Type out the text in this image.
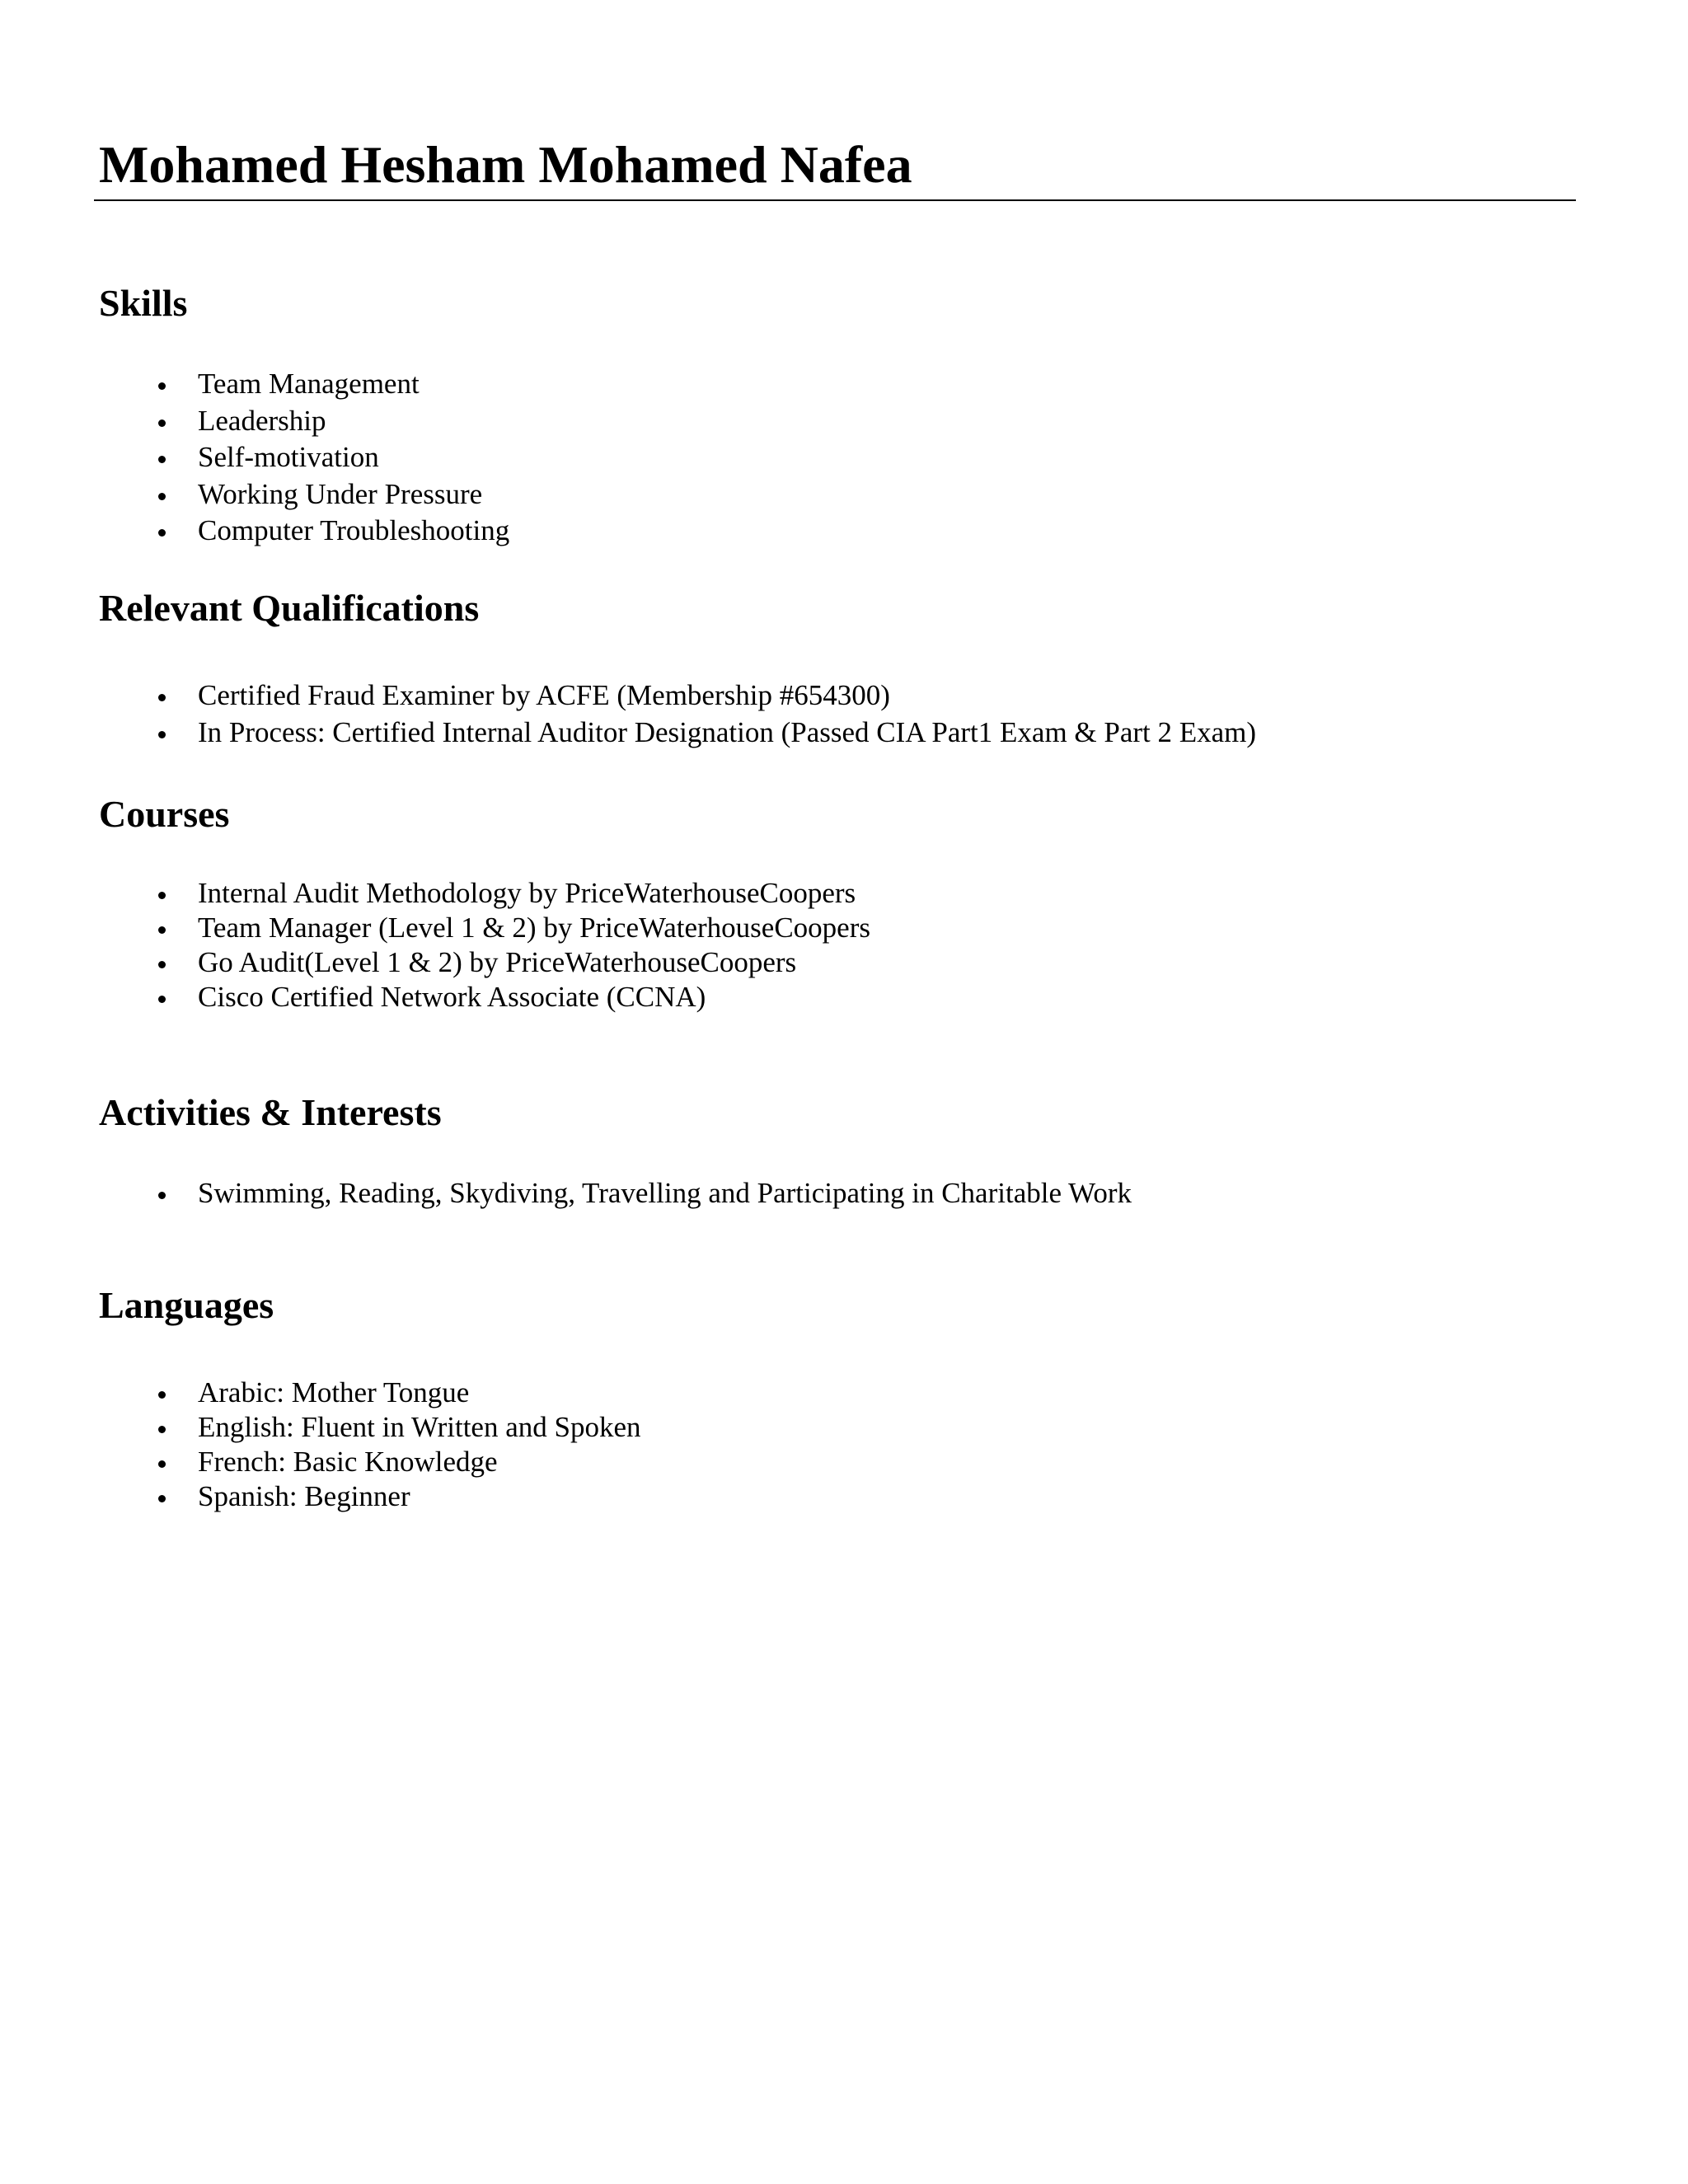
Mohamed Hesham Mohamed Nafea
Skills
Team Management
Leadership
Self-motivation
Working Under Pressure
Computer Troubleshooting
Relevant Qualifications
Certified Fraud Examiner by ACFE (Membership #654300)
In Process: Certified Internal Auditor Designation (Passed CIA Part1 Exam & Part 2 Exam)
Courses
Internal Audit Methodology by PriceWaterhouseCoopers
Team Manager (Level 1 & 2) by PriceWaterhouseCoopers
Go Audit(Level 1 & 2) by PriceWaterhouseCoopers
Cisco Certified Network Associate (CCNA)
Activities & Interests
Swimming, Reading, Skydiving, Travelling and Participating in Charitable Work
Languages
Arabic: Mother Tongue
English: Fluent in Written and Spoken
French: Basic Knowledge
Spanish: Beginner
